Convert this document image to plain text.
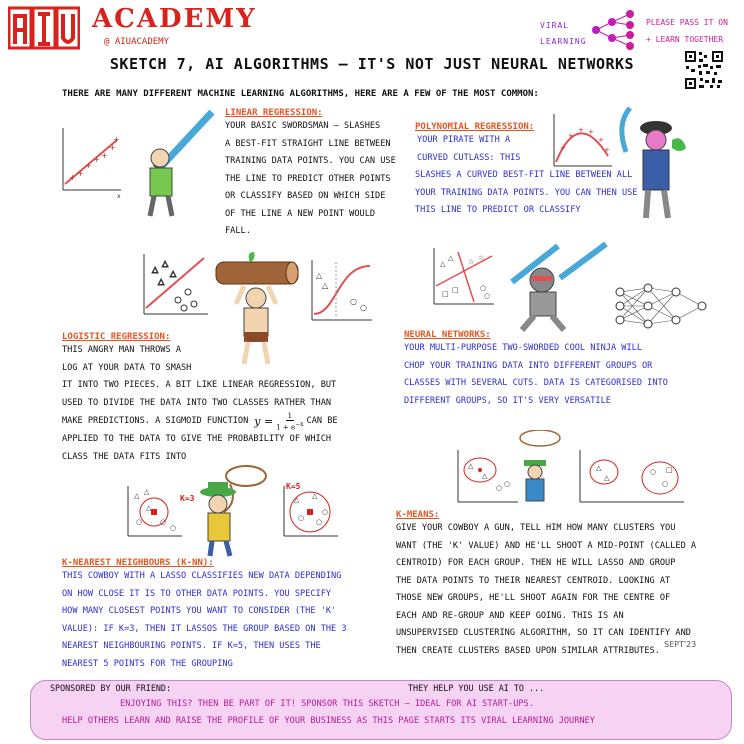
ACADEMY
@ AIUACADEMY
VIRAL
LEARNING
PLEASE PASS IT ON
+ LEARN TOGETHER
SKETCH 7, AI ALGORITHMS — IT'S NOT JUST NEURAL NETWORKS
THERE ARE MANY DIFFERENT MACHINE LEARNING ALGORITHMS, HERE ARE A FEW OF THE MOST COMMON:
+ +
+
+ +
+
+
x
LINEAR REGRESSION:
YOUR BASIC SWORDSMAN — SLASHES
A BEST-FIT STRAIGHT LINE BETWEEN
TRAINING DATA POINTS. YOU CAN USE
THE LINE TO PREDICT OTHER POINTS
OR CLASSIFY BASED ON WHICH SIDE
OF THE LINE A NEW POINT WOULD
FALL.
+
+
+ +
+
+
POLYNOMIAL REGRESSION:
YOUR PIRATE WITH A
CURVED CUTLASS: THIS
SLASHES A CURVED BEST-FIT LINE BETWEEN ALL
YOUR TRAINING DATA POINTS. YOU CAN THEN USE
THIS LINE TO PREDICT OR CLASSIFY
△
△
△
△	△
△
○
○
LOGISTIC REGRESSION:
THIS ANGRY MAN THROWS A
LOG AT YOUR DATA TO SMASH
IT INTO TWO PIECES. A BIT LIKE LINEAR REGRESSION, BUT
USED TO DIVIDE THE DATA INTO TWO CLASSES RATHER THAN
MAKE PREDICTIONS. A SIGMOID FUNCTION $y = \frac{1}{1 + e^{-x}}$ CAN BE
APPLIED TO THE DATA TO GIVE THE PROBABILITY OF WHICH
CLASS THE DATA FITS INTO
△
△ ☆ ☆
□ □	○
○
NEURAL NETWORKS:
YOUR MULTI-PURPOSE TWO-SWORDED COOL NINJA WILL
CHOP YOUR TRAINING DATA INTO DIFFERENT GROUPS OR
CLASSES WITH SEVERAL CUTS. DATA IS CATEGORISED INTO
DIFFERENT GROUPS, SO IT'S VERY VERSATILE
△ △
△
○
○
○
K=3	△ △
○ ○
○
K=5
K-NEAREST NEIGHBOURS (K-NN):
THIS COWBOY WITH A LASSO CLASSIFIES NEW DATA DEPENDING
ON HOW CLOSE IT IS TO OTHER DATA POINTS. YOU SPECIFY
HOW MANY CLOSEST POINTS YOU WANT TO CONSIDER (THE 'K'
VALUE): IF K=3, THEN IT LASSOS THE GROUP BASED ON THE 3
NEAREST NEIGHBOURING POINTS. IF K=5, THEN USES THE
NEAREST 5 POINTS FOR THE GROUPING
△
△
○ ○
△
△
○
○
□
K-MEANS:
GIVE YOUR COWBOY A GUN, TELL HIM HOW MANY CLUSTERS YOU
WANT (THE 'K' VALUE) AND HE'LL SHOOT A MID-POINT (CALLED A
CENTROID) FOR EACH GROUP. THEN HE WILL LASSO AND GROUP
THE DATA POINTS TO THEIR NEAREST CENTROID. LOOKING AT
THOSE NEW GROUPS, HE'LL SHOOT AGAIN FOR THE CENTRE OF
EACH AND RE-GROUP AND KEEP GOING. THIS IS AN
UNSUPERVISED CLUSTERING ALGORITHM, SO IT CAN IDENTIFY AND
THEN CREATE CLUSTERS BASED UPON SIMILAR ATTRIBUTES.
SEPT'23
SPONSORED BY OUR FRIEND:	THEY HELP YOU USE AI TO ...
ENJOYING THIS? THEN BE PART OF IT! SPONSOR THIS SKETCH — IDEAL FOR AI START-UPS.
HELP OTHERS LEARN AND RAISE THE PROFILE OF YOUR BUSINESS AS THIS PAGE STARTS ITS VIRAL LEARNING JOURNEY
